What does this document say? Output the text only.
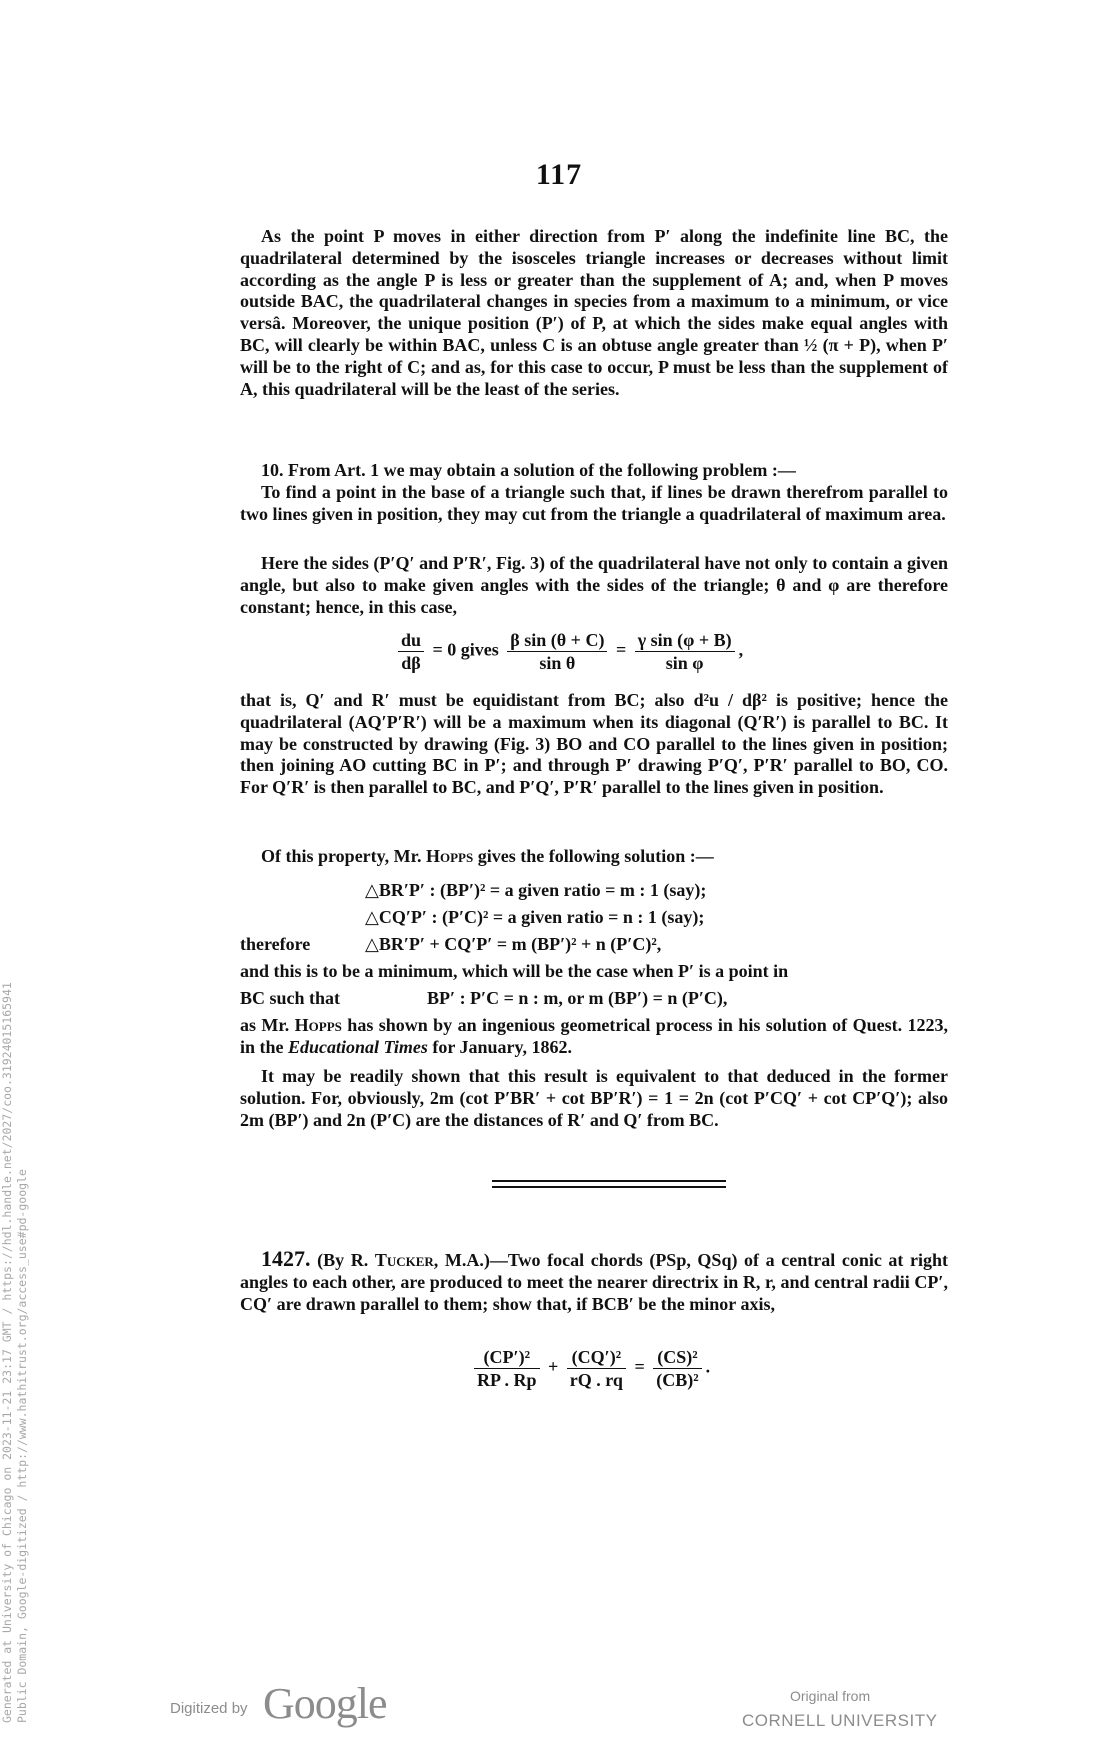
117

As the point P moves in either direction from P′ along the indefinite line BC, the quadrilateral determined by the isosceles triangle increases or decreases without limit according as the angle P is less or greater than the supplement of A; and, when P moves outside BAC, the quadrilateral changes in species from a maximum to a minimum, or vice versâ. Moreover, the unique position (P′) of P, at which the sides make equal angles with BC, will clearly be within BAC, unless C is an obtuse angle greater than ½ (π + P), when P′ will be to the right of C; and as, for this case to occur, P must be less than the supplement of A, this quadrilateral will be the least of the series.

10. From Art. 1 we may obtain a solution of the following problem :—

To find a point in the base of a triangle such that, if lines be drawn therefrom parallel to two lines given in position, they may cut from the triangle a quadrilateral of maximum area.

Here the sides (P′Q′ and P′R′, Fig. 3) of the quadrilateral have not only to contain a given angle, but also to make given angles with the sides of the triangle; θ and φ are therefore constant; hence, in this case,

$\frac{du}{d\beta} = 0$ gives $\frac{\text{β sin (θ + C)}}{\text{sin θ}} = \frac{\text{γ sin (φ + B)}}{\text{sin φ}}$ ,

that is, Q′ and R′ must be equidistant from BC; also d²u / dβ² is positive; hence the quadrilateral (AQ′P′R′) will be a maximum when its diagonal (Q′R′) is parallel to BC. It may be constructed by drawing (Fig. 3) BO and CO parallel to the lines given in position; then joining AO cutting BC in P′; and through P′ drawing P′Q′, P′R′ parallel to BO, CO. For Q′R′ is then parallel to BC, and P′Q′, P′R′ parallel to the lines given in position.

Of this property, Mr. Hopps gives the following solution :—

△BR′P′ : (BP′)² = a given ratio = m : 1 (say);
△CQ′P′ : (P′C)² = a given ratio = n : 1 (say);
therefore	△BR′P′ + CQ′P′ = m (BP′)² + n (P′C)²,

and this is to be a minimum, which will be the case when P′ is a point in

BC such that	BP′ : P′C = n : m, or m (BP′) = n (P′C),

as Mr. Hopps has shown by an ingenious geometrical process in his solution of Quest. 1223, in the Educational Times for January, 1862.

It may be readily shown that this result is equivalent to that deduced in the former solution. For, obviously, 2m (cot P′BR′ + cot BP′R′) = 1 = 2n (cot P′CQ′ + cot CP′Q′); also 2m (BP′) and 2n (P′C) are the distances of R′ and Q′ from BC.

1427. (By R. Tucker, M.A.)—Two focal chords (PSp, QSq) of a central conic at right angles to each other, are produced to meet the nearer directrix in R, r, and central radii CP′, CQ′ are drawn parallel to them; show that, if BCB′ be the minor axis,

$\frac{\text{(CP′)²}}{RP . Rp} + \frac{\text{(CQ′)²}}{rQ . rq} = \frac{\text{(CS)²}}{\text{(CB)²}}$ .
Generated at University of Chicago on 2023-11-21 23:17 GMT / https://hdl.handle.net/2027/coo.31924015165941 Public Domain, Google-digitized / http://www.hathitrust.org/access_use#pd-google	Digitized by Google	Original from
CORNELL UNIVERSITY
